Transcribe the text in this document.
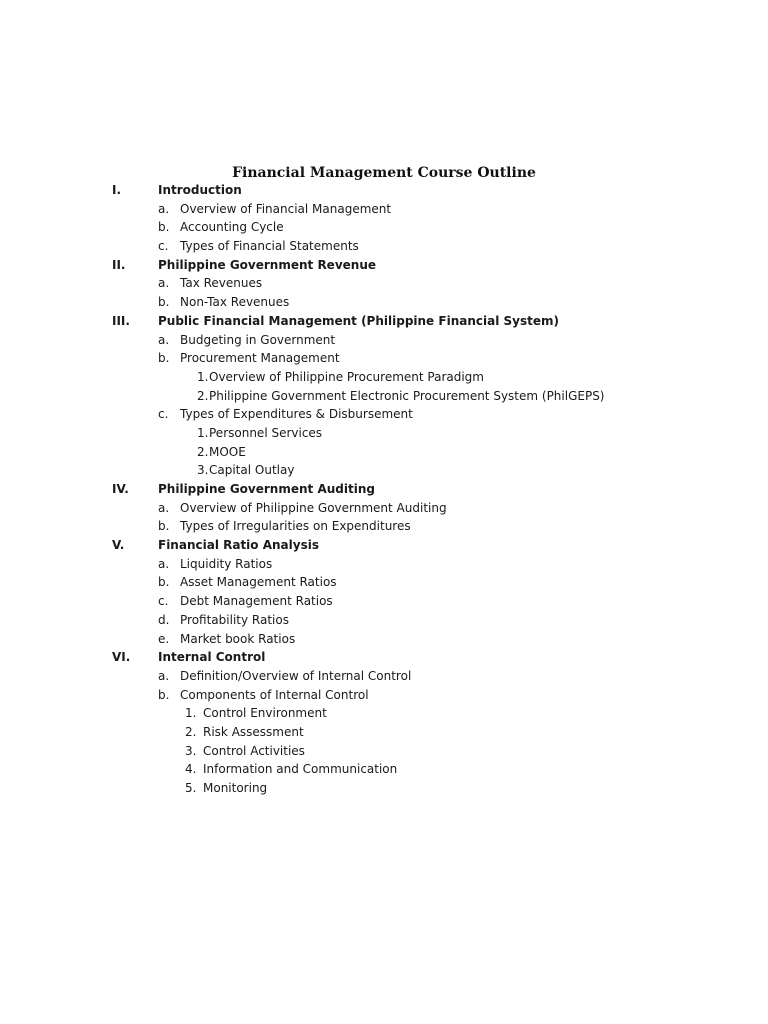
Financial Management Course Outline
I.	Introduction
a. Overview of Financial Management
b. Accounting Cycle
c. Types of Financial Statements
II.	Philippine Government Revenue
a. Tax Revenues
b. Non-Tax Revenues
III. Public Financial Management (Philippine Financial System)
a. Budgeting in Government
b. Procurement Management
1. Overview of Philippine Procurement Paradigm
2. Philippine Government Electronic Procurement System (PhilGEPS)
c. Types of Expenditures & Disbursement
1. Personnel Services
2. MOOE
3. Capital Outlay
IV. Philippine Government Auditing
a. Overview of Philippine Government Auditing
b. Types of Irregularities on Expenditures
V.	Financial Ratio Analysis
a. Liquidity Ratios
b. Asset Management Ratios
c. Debt Management Ratios
d. Profitability Ratios
e. Market book Ratios
VI. Internal Control
a. Definition/Overview of Internal Control
b. Components of Internal Control
1. Control Environment
2. Risk Assessment
3. Control Activities
4. Information and Communication
5. Monitoring
